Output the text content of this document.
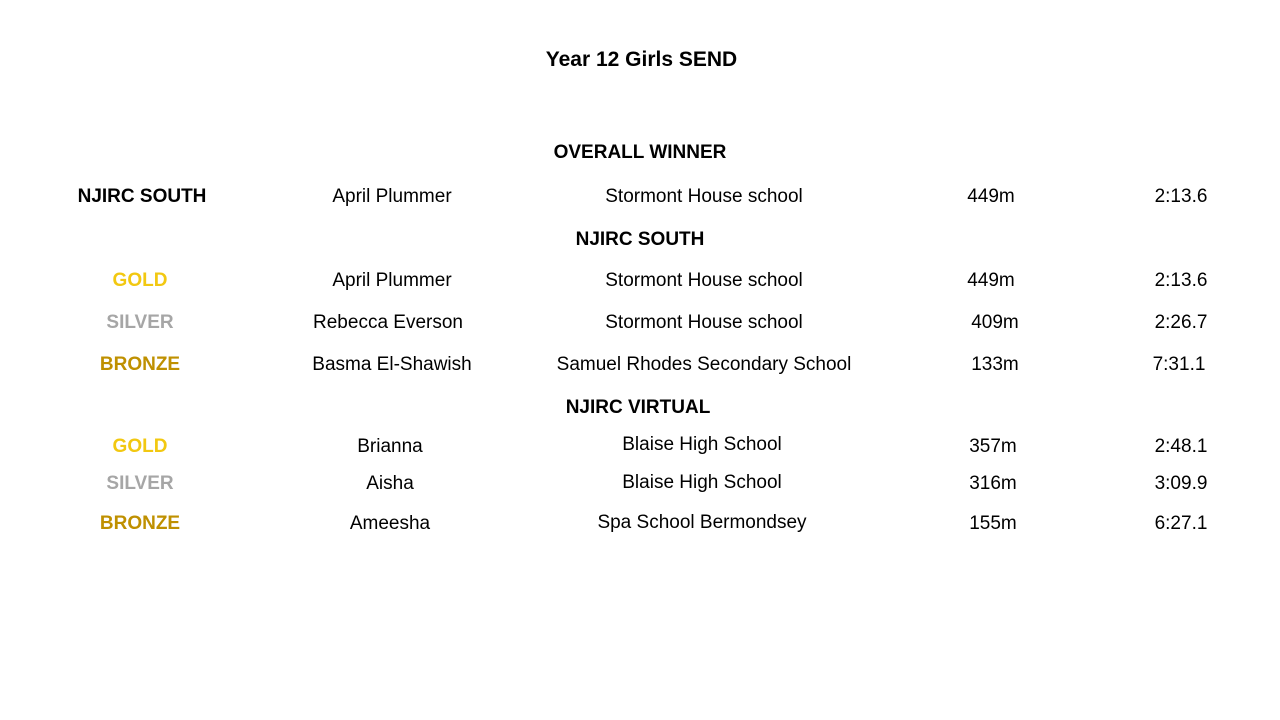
Year 12 Girls SEND
OVERALL WINNER
NJIRC SOUTH	April Plummer	Stormont House school	449m	2:13.6
NJIRC SOUTH
GOLD	April Plummer	Stormont House school	449m	2:13.6
SILVER	Rebecca Everson	Stormont House school	409m	2:26.7
BRONZE	Basma El-Shawish	Samuel Rhodes Secondary School	133m	7:31.1
NJIRC VIRTUAL
GOLD	Brianna	Blaise High School	357m	2:48.1
SILVER	Aisha	Blaise High School	316m	3:09.9
BRONZE	Ameesha	Spa School Bermondsey	155m	6:27.1
